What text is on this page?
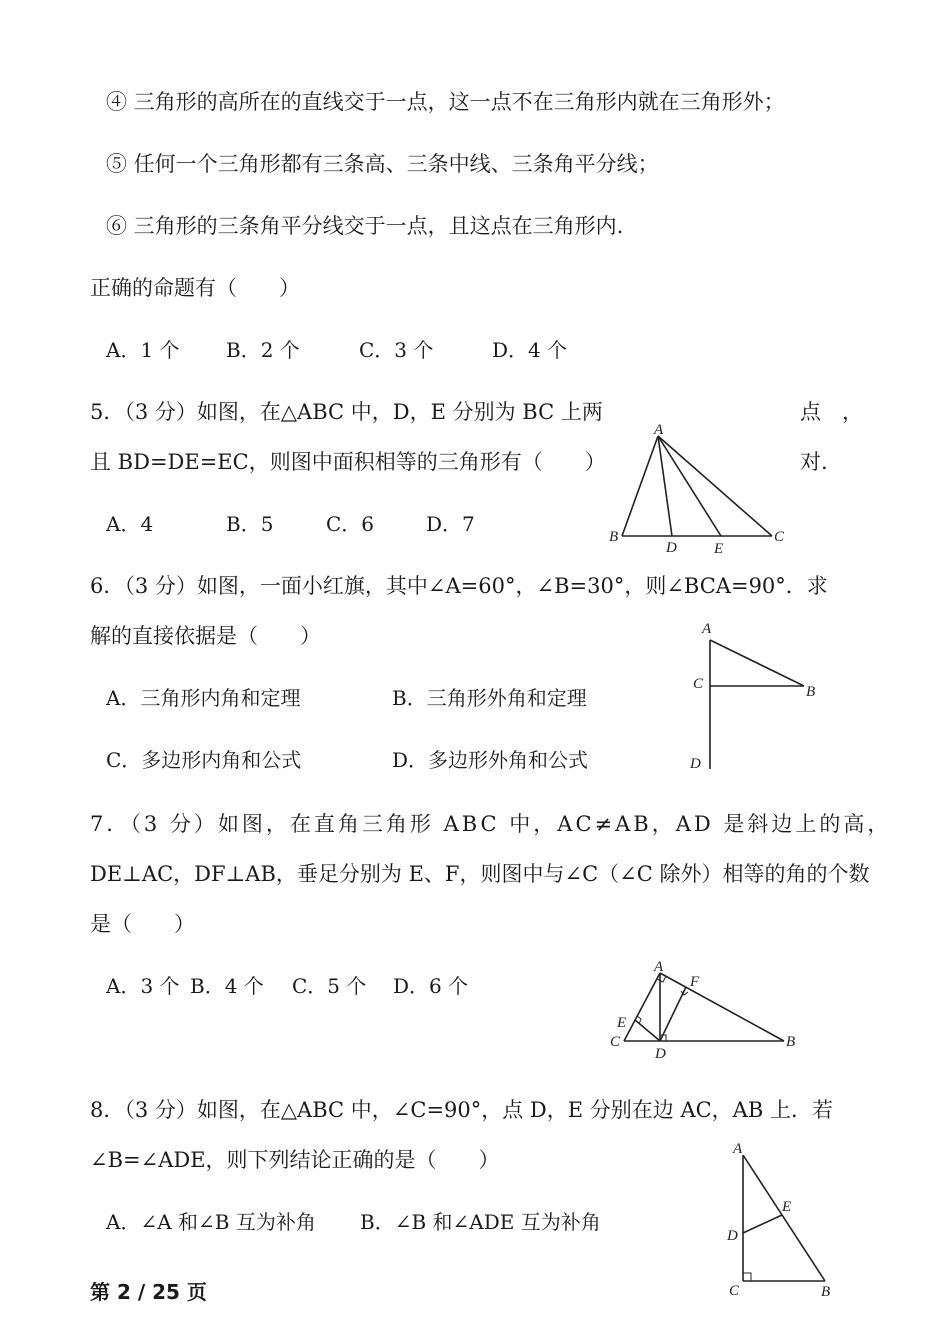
④ 三角形的高所在的直线交于一点，这一点不在三角形内就在三角形外；
⑤ 任何一个三角形都有三条高、三条中线、三条角平分线；
⑥ 三角形的三条角平分线交于一点，且这点在三角形内.
正确的命题有（　　）
A．1 个 B．2 个	C．3 个	D．4 个
5．（3 分）如图，在△ABC 中，D，E 分别为 BC 上两	点　，
且 BD=DE=EC，则图中面积相等的三角形有（　　）	对.
A．4	B．5	C．6	D．7
A
B
D E
C
6．（3 分）如图，一面小红旗，其中∠A=60°，∠B=30°，则∠BCA=90°．求
解的直接依据是（　　）
A．三角形内角和定理	B．三角形外角和定理
C．多边形内角和公式	D．多边形外角和公式
A
C	B
D
7．（3 分）如图，在直角三角形 ABC 中，AC≠AB，AD 是斜边上的高，
DE⊥AC，DF⊥AB，垂足分别为 E、F，则图中与∠C（∠C 除外）相等的角的个数
是（　　）
A．3 个 B．4 个 C．5 个 D．6 个
A
F
E
C
D
B
8．（3 分）如图，在△ABC 中，∠C=90°，点 D，E 分别在边 AC，AB 上．若
∠B=∠ADE，则下列结论正确的是（　　）
A．∠A 和∠B 互为补角 B．∠B 和∠ADE 互为补角
A
E
D
C	B
第 2 / 25 页
